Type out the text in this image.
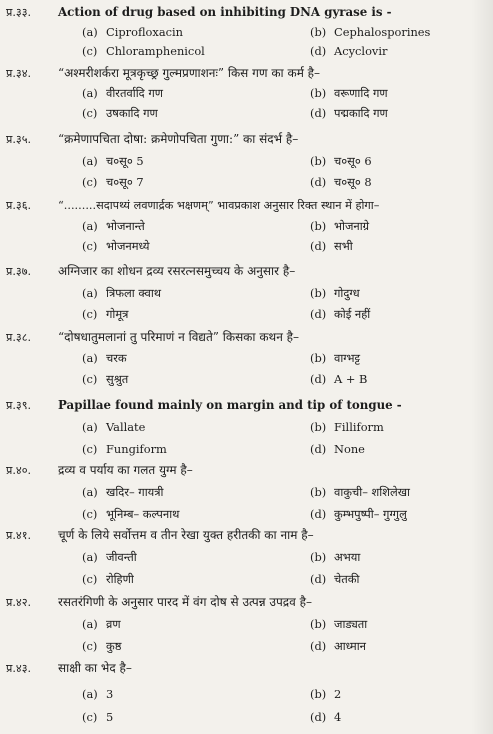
प्र.३३. Action of drug based on inhibiting DNA gyrase is -
(a) Ciprofloxacin	(b) Cephalosporines
(c) Chloramphenicol	(d) Acyclovir
प्र.३४. “अश्मरीशर्करा मूत्रकृच्छ्र गुल्मप्रणाशनः” किस गण का कर्म है–
(a) वीरतर्वादि गण	(b) वरूणादि गण
(c) उषकादि गण	(d) पद्मकादि गण
प्र.३५. “क्रमेणापचिता दोषा: क्रमेणोपचिता गुणा:” का संदर्भ है–
(a) च०सू० 5	(b) च०सू० 6
(c) च०सू० 7	(d) च०सू० 8
प्र.३६. “.........सदापथ्यं लवणार्द्रक भक्षणम्” भावप्रकाश अनुसार रिक्त स्थान में होगा–
(a) भोजनान्ते	(b) भोजनाग्रे
(c) भोजनमध्ये	(d) सभी
प्र.३७. अग्निजार का शोधन द्रव्य रसरत्नसमुच्चय के अनुसार है–
(a) त्रिफला क्वाथ	(b) गोदुग्ध
(c) गोमूत्र	(d) कोई नहीं
प्र.३८. “दोषधातुमलानां तु परिमाणं न विद्यते” किसका कथन है–
(a) चरक	(b) वाग्भट्ट
(c) सुश्रुत	(d) A + B
प्र.३९. Papillae found mainly on margin and tip of tongue -
(a) Vallate	(b) Filliform
(c) Fungiform	(d) None
प्र.४०. द्रव्य व पर्याय का गलत युग्म है–
(a) खदिर– गायत्री	(b) वाकुची– शशिलेखा
(c) भूनिम्ब– कल्पनाथ	(d) कुम्भपुष्पी– गुग्गुलु
प्र.४१. चूर्ण के लिये सर्वोत्तम व तीन रेखा युक्त हरीतकी का नाम है–
(a) जीवन्ती	(b) अभया
(c) रोहिणी	(d) चेतकी
प्र.४२. रसतरंगिणी के अनुसार पारद में वंग दोष से उत्पन्न उपद्रव है–
(a) व्रण	(b) जाड्यता
(c) कुष्ठ	(d) आध्मान
प्र.४३. साक्षी का भेद है–
(a) 3	(b) 2
(c) 5	(d) 4
